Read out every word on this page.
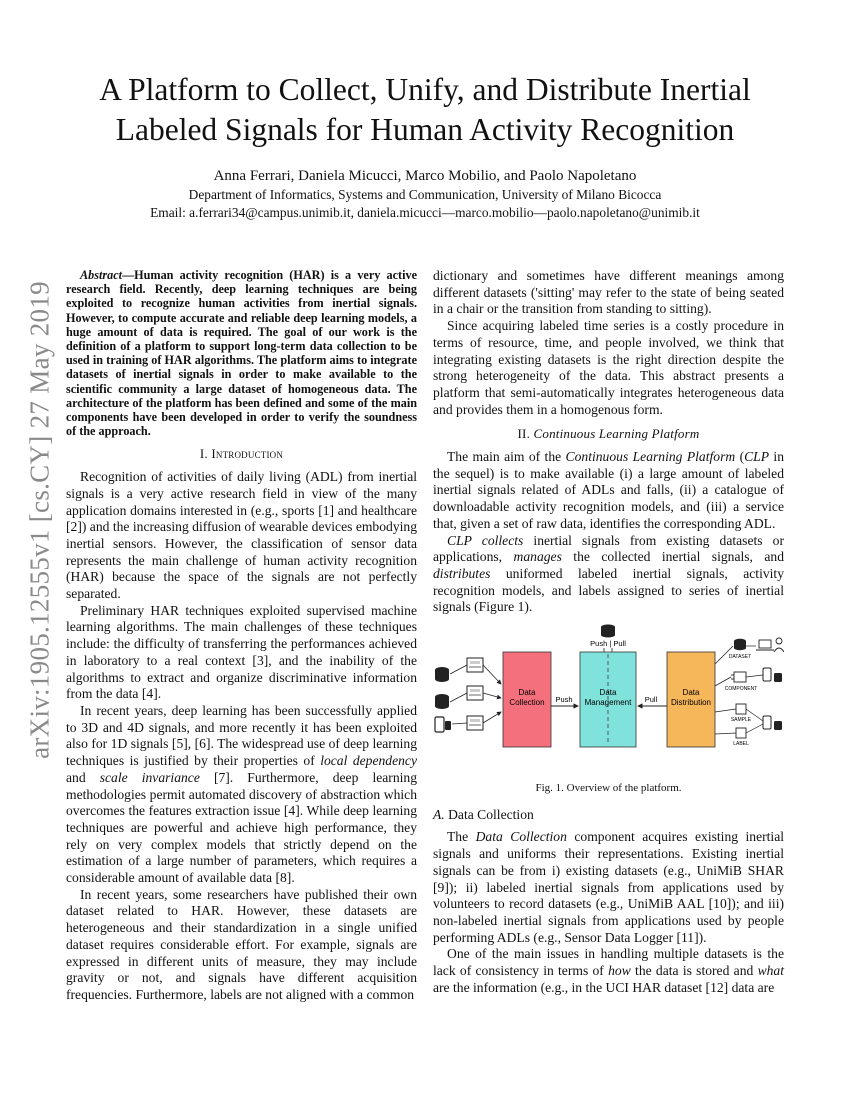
A Platform to Collect, Unify, and Distribute Inertial Labeled Signals for Human Activity Recognition
Anna Ferrari, Daniela Micucci, Marco Mobilio, and Paolo Napoletano
Department of Informatics, Systems and Communication, University of Milano Bicocca
Email: a.ferrari34@campus.unimib.it, daniela.micucci—marco.mobilio—paolo.napoletano@unimib.it
arXiv:1905.12555v1 [cs.CY] 27 May 2019

Abstract—Human activity recognition (HAR) is a very active research field. Recently, deep learning techniques are being exploited to recognize human activities from inertial signals. However, to compute accurate and reliable deep learning models, a huge amount of data is required. The goal of our work is the definition of a platform to support long-term data collection to be used in training of HAR algorithms. The platform aims to integrate datasets of inertial signals in order to make available to the scientific community a large dataset of homogeneous data. The architecture of the platform has been defined and some of the main components have been developed in order to verify the soundness of the approach.

I. Introduction

Recognition of activities of daily living (ADL) from inertial signals is a very active research field in view of the many application domains interested in (e.g., sports [1] and healthcare [2]) and the increasing diffusion of wearable devices embodying inertial sensors. However, the classification of sensor data represents the main challenge of human activity recognition (HAR) because the space of the signals are not perfectly separated.

Preliminary HAR techniques exploited supervised machine learning algorithms. The main challenges of these techniques include: the difficulty of transferring the performances achieved in laboratory to a real context [3], and the inability of the algorithms to extract and organize discriminative information from the data [4].

In recent years, deep learning has been successfully applied to 3D and 4D signals, and more recently it has been exploited also for 1D signals [5], [6]. The widespread use of deep learning techniques is justified by their properties of local dependency and scale invariance [7]. Furthermore, deep learning methodologies permit automated discovery of abstraction which overcomes the features extraction issue [4]. While deep learning techniques are powerful and achieve high performance, they rely on very complex models that strictly depend on the estimation of a large number of parameters, which requires a considerable amount of available data [8].

In recent years, some researchers have published their own dataset related to HAR. However, these datasets are heterogeneous and their standardization in a single unified dataset requires considerable effort. For example, signals are expressed in different units of measure, they may include gravity or not, and signals have different acquisition frequencies. Furthermore, labels are not aligned with a common

dictionary and sometimes have different meanings among different datasets ('sitting' may refer to the state of being seated in a chair or the transition from standing to sitting).

Since acquiring labeled time series is a costly procedure in terms of resource, time, and people involved, we think that integrating existing datasets is the right direction despite the strong heterogeneity of the data. This abstract presents a platform that semi-automatically integrates heterogeneous data and provides them in a homogenous form.

II. Continuous Learning Platform

The main aim of the Continuous Learning Platform (CLP in the sequel) is to make available (i) a large amount of labeled inertial signals related of ADLs and falls, (ii) a catalogue of downloadable activity recognition models, and (iii) a service that, given a set of raw data, identifies the corresponding ADL.

CLP collects inertial signals from existing datasets or applications, manages the collected inertial signals, and distributes uniformed labeled inertial signals, activity recognition models, and labels assigned to series of inertial signals (Figure 1).

Data
Collection
Data
Management
Data
Distribution
Push	Pull
Push | Pull
DATASET
COMPONENT
SAMPLE
LABEL
Fig. 1. Overview of the platform.
A. Data Collection

The Data Collection component acquires existing inertial signals and uniforms their representations. Existing inertial signals can be from i) existing datasets (e.g., UniMiB SHAR [9]); ii) labeled inertial signals from applications used by volunteers to record datasets (e.g., UniMiB AAL [10]); and iii) non-labeled inertial signals from applications used by people performing ADLs (e.g., Sensor Data Logger [11]).

One of the main issues in handling multiple datasets is the lack of consistency in terms of how the data is stored and what are the information (e.g., in the UCI HAR dataset [12] data are
